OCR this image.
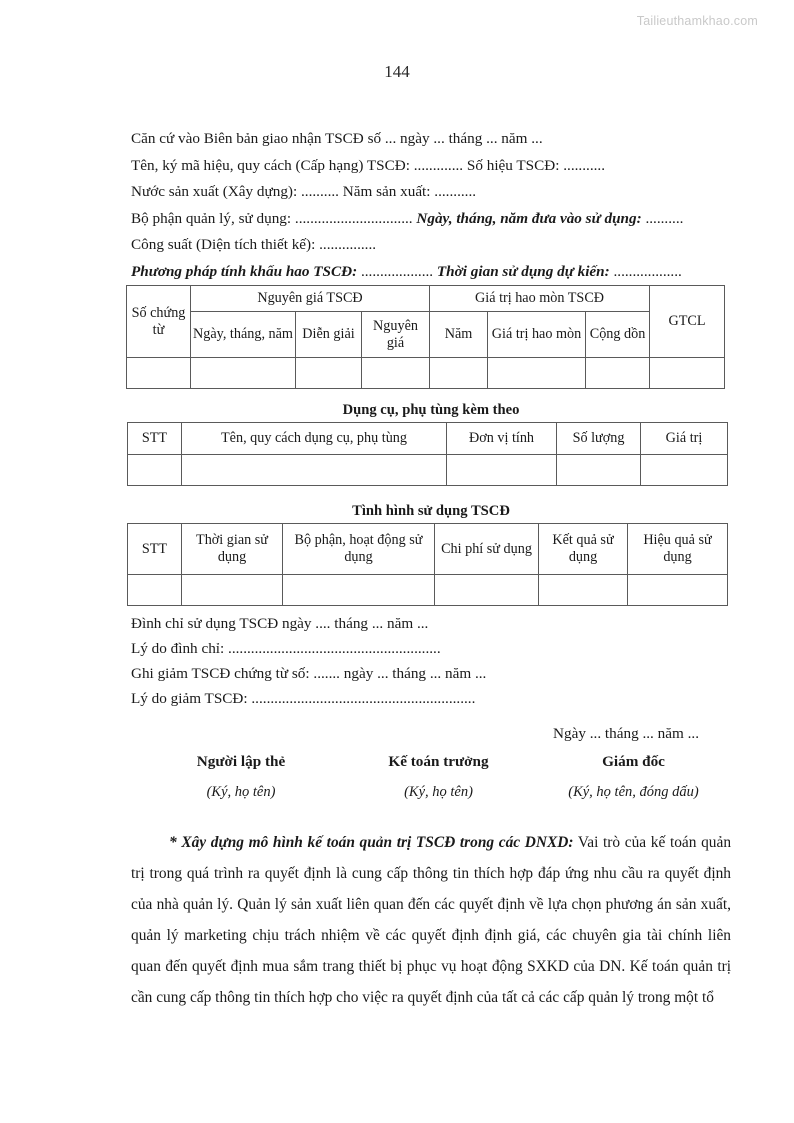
Tailieuthamkhao.com
144
Căn cứ vào Biên bản giao nhận TSCĐ số ... ngày ... tháng ... năm ...
Tên, ký mã hiệu, quy cách (Cấp hạng) TSCĐ: ............. Số hiệu TSCĐ: ...........
Nước sản xuất (Xây dựng): .......... Năm sản xuất: ...........
Bộ phận quản lý, sử dụng: ............................... Ngày, tháng, năm đưa vào sử dụng: ..........
Công suất (Diện tích thiết kế): ...............
Phương pháp tính khấu hao TSCĐ: ................... Thời gian sử dụng dự kiến: ..................
Số chứng từ	Nguyên giá TSCĐ			Giá trị hao mòn TSCĐ			GTCL
	Ngày, tháng, năm	Diễn giải	Nguyên giá	Năm	Giá trị hao mòn	Cộng dồn	

Dụng cụ, phụ tùng kèm theo
STT	Tên, quy cách dụng cụ, phụ tùng	Đơn vị tính	Số lượng	Giá trị

Tình hình sử dụng TSCĐ
STT	Thời gian sử dụng	Bộ phận, hoạt động sử dụng	Chi phí sử dụng	Kết quả sử dụng	Hiệu quả sử dụng

Đình chỉ sử dụng TSCĐ ngày .... tháng ... năm ...
Lý do đình chỉ: ........................................................
Ghi giảm TSCĐ chứng từ số: ....... ngày ... tháng ... năm ...
Lý do giảm TSCĐ: ...........................................................
Ngày ... tháng ... năm ...
Người lập thẻ
(Ký, họ tên)
Kế toán trưởng
(Ký, họ tên)
Giám đốc
(Ký, họ tên, đóng dấu)
* Xây dựng mô hình kế toán quản trị TSCĐ trong các DNXD: Vai trò của kế toán quản trị trong quá trình ra quyết định là cung cấp thông tin thích hợp đáp ứng nhu cầu ra quyết định của nhà quản lý. Quản lý sản xuất liên quan đến các quyết định về lựa chọn phương án sản xuất, quản lý marketing chịu trách nhiệm về các quyết định định giá, các chuyên gia tài chính liên quan đến quyết định mua sắm trang thiết bị phục vụ hoạt động SXKD của DN. Kế toán quản trị cần cung cấp thông tin thích hợp cho việc ra quyết định của tất cả các cấp quản lý trong một tổ
